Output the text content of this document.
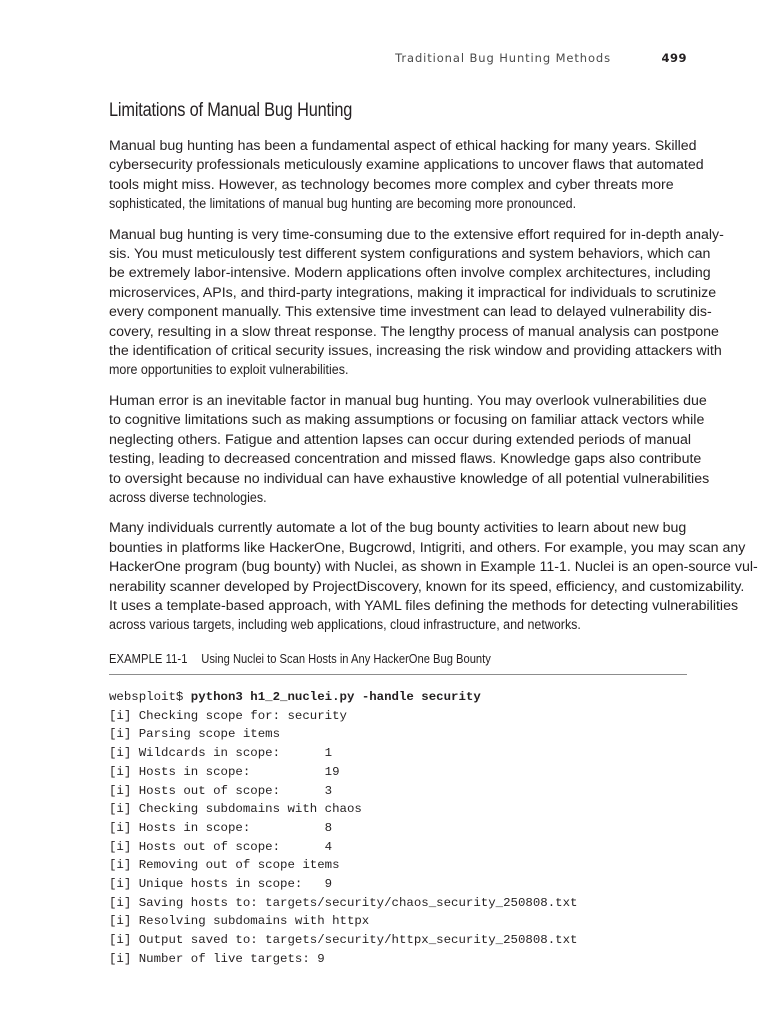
Traditional Bug Hunting Methods	499
Limitations of Manual Bug Hunting

Manual bug hunting has been a fundamental aspect of ethical hacking for many years. Skilled
cybersecurity professionals meticulously examine applications to uncover flaws that automated
tools might miss. However, as technology becomes more complex and cyber threats more
sophisticated, the limitations of manual bug hunting are becoming more pronounced.

Manual bug hunting is very time-consuming due to the extensive effort required for in-depth analy-
sis. You must meticulously test different system configurations and system behaviors, which can
be extremely labor-intensive. Modern applications often involve complex architectures, including
microservices, APIs, and third-party integrations, making it impractical for individuals to scrutinize
every component manually. This extensive time investment can lead to delayed vulnerability dis-
covery, resulting in a slow threat response. The lengthy process of manual analysis can postpone
the identification of critical security issues, increasing the risk window and providing attackers with
more opportunities to exploit vulnerabilities.

Human error is an inevitable factor in manual bug hunting. You may overlook vulnerabilities due
to cognitive limitations such as making assumptions or focusing on familiar attack vectors while
neglecting others. Fatigue and attention lapses can occur during extended periods of manual
testing, leading to decreased concentration and missed flaws. Knowledge gaps also contribute
to oversight because no individual can have exhaustive knowledge of all potential vulnerabilities
across diverse technologies.

Many individuals currently automate a lot of the bug bounty activities to learn about new bug
bounties in platforms like HackerOne, Bugcrowd, Intigriti, and others. For example, you may scan any
HackerOne program (bug bounty) with Nuclei, as shown in Example 11-1. Nuclei is an open-source vul-
nerability scanner developed by ProjectDiscovery, known for its speed, efficiency, and customizability.
It uses a template-based approach, with YAML files defining the methods for detecting vulnerabilities
across various targets, including web applications, cloud infrastructure, and networks.

EXAMPLE 11-1 Using Nuclei to Scan Hosts in Any HackerOne Bug Bounty
websploit$ python3 h1_2_nuclei.py -handle security
[i] Checking scope for: security
[i] Parsing scope items
[i] Wildcards in scope:      1
[i] Hosts in scope:          19
[i] Hosts out of scope:      3
[i] Checking subdomains with chaos
[i] Hosts in scope:          8
[i] Hosts out of scope:      4
[i] Removing out of scope items
[i] Unique hosts in scope:   9
[i] Saving hosts to: targets/security/chaos_security_250808.txt
[i] Resolving subdomains with httpx
[i] Output saved to: targets/security/httpx_security_250808.txt
[i] Number of live targets: 9
